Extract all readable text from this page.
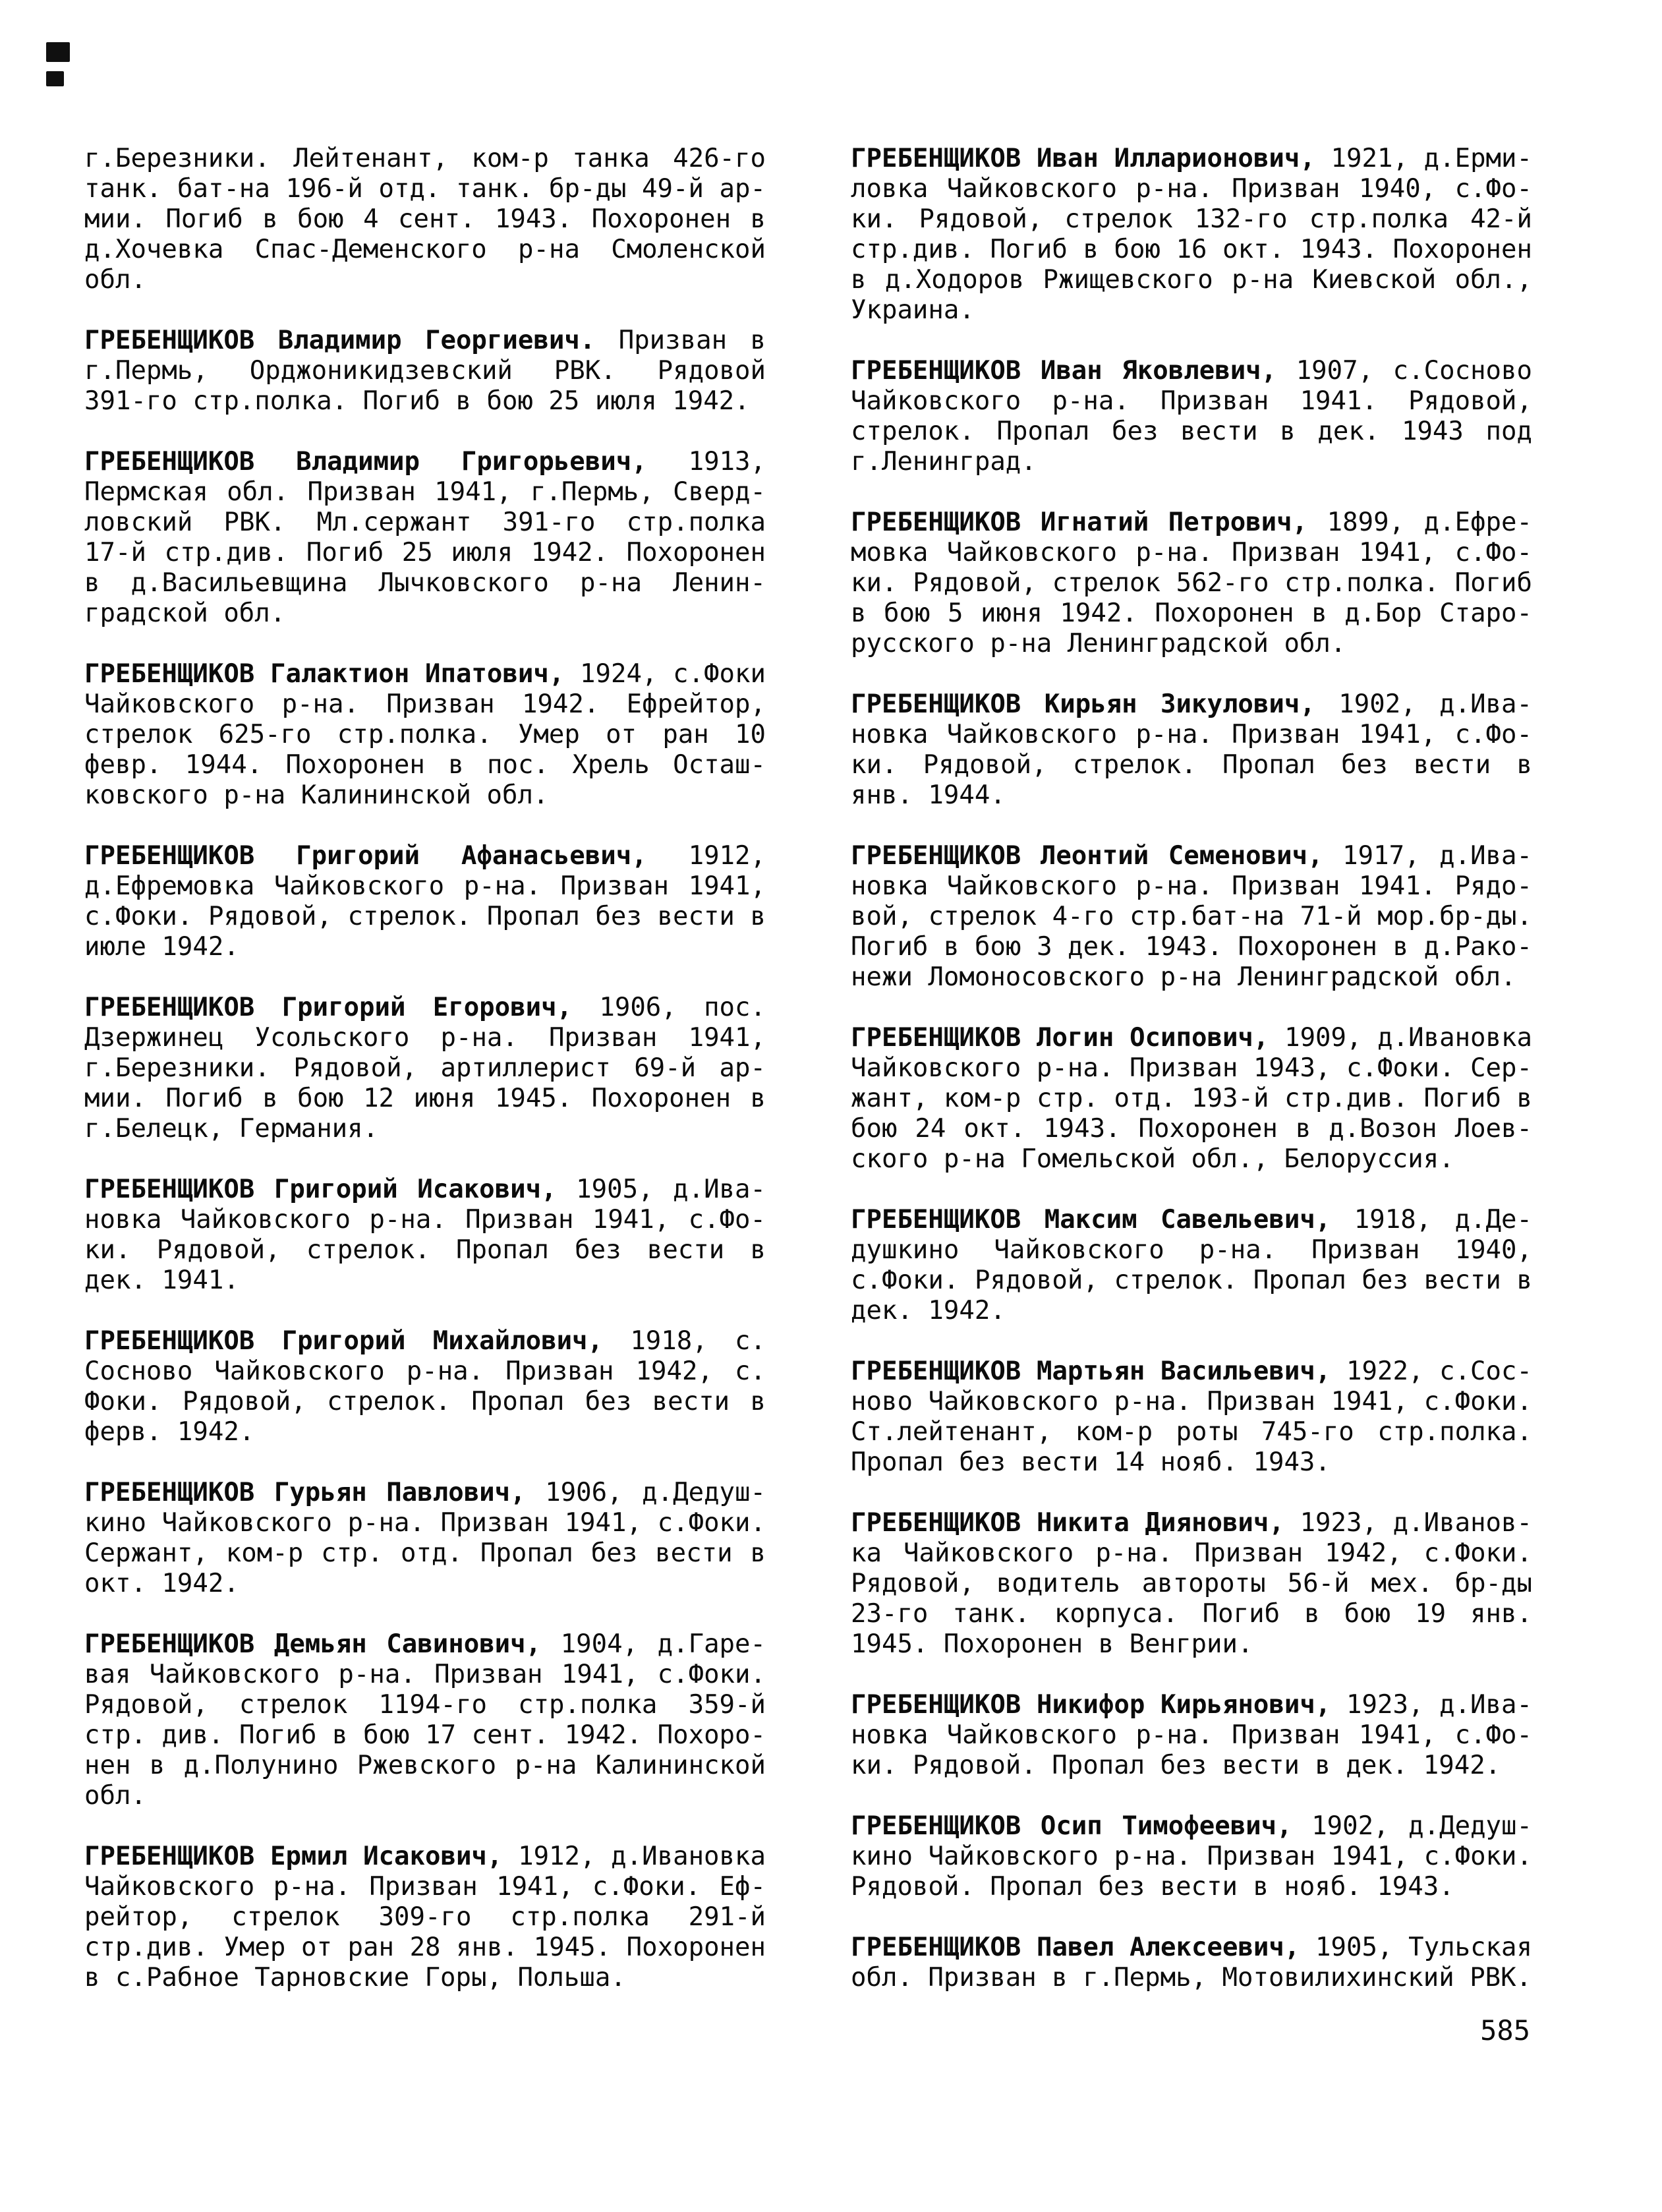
г.Березники. Лейтенант, ком-р танка 426-го
танк. бат-на 196-й отд. танк. бр-ды 49-й ар-
мии. Погиб в бою 4 сент. 1943. Похоронен в
д.Хочевка Спас-Деменского р-на Смоленской
обл.
ГРЕБЕНЩИКОВ Владимир Георгиевич. Призван в
г.Пермь, Орджоникидзевский РВК. Рядовой
391-го стр.полка. Погиб в бою 25 июля 1942.
ГРЕБЕНЩИКОВ Владимир Григорьевич, 1913,
Пермская обл. Призван 1941, г.Пермь, Сверд-
ловский РВК. Мл.сержант 391-го стр.полка
17-й стр.див. Погиб 25 июля 1942. Похоронен
в д.Васильевщина Лычковского р-на Ленин-
градской обл.
ГРЕБЕНЩИКОВ Галактион Ипатович, 1924, с.Фоки
Чайковского р-на. Призван 1942. Ефрейтор,
стрелок 625-го стр.полка. Умер от ран 10
февр. 1944. Похоронен в пос. Хрель Осташ-
ковского р-на Калининской обл.
ГРЕБЕНЩИКОВ Григорий Афанасьевич, 1912,
д.Ефремовка Чайковского р-на. Призван 1941,
с.Фоки. Рядовой, стрелок. Пропал без вести в
июле 1942.
ГРЕБЕНЩИКОВ Григорий Егорович, 1906, пос.
Дзержинец Усольского р-на. Призван 1941,
г.Березники. Рядовой, артиллерист 69-й ар-
мии. Погиб в бою 12 июня 1945. Похоронен в
г.Белецк, Германия.
ГРЕБЕНЩИКОВ Григорий Исакович, 1905, д.Ива-
новка Чайковского р-на. Призван 1941, с.Фо-
ки. Рядовой, стрелок. Пропал без вести в
дек. 1941.
ГРЕБЕНЩИКОВ Григорий Михайлович, 1918, с.
Сосново Чайковского р-на. Призван 1942, с.
Фоки. Рядовой, стрелок. Пропал без вести в
ферв. 1942.
ГРЕБЕНЩИКОВ Гурьян Павлович, 1906, д.Дедуш-
кино Чайковского р-на. Призван 1941, с.Фоки.
Сержант, ком-р стр. отд. Пропал без вести в
окт. 1942.
ГРЕБЕНЩИКОВ Демьян Савинович, 1904, д.Гаре-
вая Чайковского р-на. Призван 1941, с.Фоки.
Рядовой, стрелок 1194-го стр.полка 359-й
стр. див. Погиб в бою 17 сент. 1942. Похоро-
нен в д.Полунино Ржевского р-на Калининской
обл.
ГРЕБЕНЩИКОВ Ермил Исакович, 1912, д.Ивановка
Чайковского р-на. Призван 1941, с.Фоки. Еф-
рейтор, стрелок 309-го стр.полка 291-й
стр.див. Умер от ран 28 янв. 1945. Похоронен
в с.Рабное Тарновские Горы, Польша.
ГРЕБЕНЩИКОВ Иван Илларионович, 1921, д.Ерми-
ловка Чайковского р-на. Призван 1940, с.Фо-
ки. Рядовой, стрелок 132-го стр.полка 42-й
стр.див. Погиб в бою 16 окт. 1943. Похоронен
в д.Ходоров Ржищевского р-на Киевской обл.,
Украина.
ГРЕБЕНЩИКОВ Иван Яковлевич, 1907, с.Сосново
Чайковского р-на. Призван 1941. Рядовой,
стрелок. Пропал без вести в дек. 1943 под
г.Ленинград.
ГРЕБЕНЩИКОВ Игнатий Петрович, 1899, д.Ефре-
мовка Чайковского р-на. Призван 1941, с.Фо-
ки. Рядовой, стрелок 562-го стр.полка. Погиб
в бою 5 июня 1942. Похоронен в д.Бор Старо-
русского р-на Ленинградской обл.
ГРЕБЕНЩИКОВ Кирьян Зикулович, 1902, д.Ива-
новка Чайковского р-на. Призван 1941, с.Фо-
ки. Рядовой, стрелок. Пропал без вести в
янв. 1944.
ГРЕБЕНЩИКОВ Леонтий Семенович, 1917, д.Ива-
новка Чайковского р-на. Призван 1941. Рядо-
вой, стрелок 4-го стр.бат-на 71-й мор.бр-ды.
Погиб в бою 3 дек. 1943. Похоронен в д.Рако-
нежи Ломоносовского р-на Ленинградской обл.
ГРЕБЕНЩИКОВ Логин Осипович, 1909, д.Ивановка
Чайковского р-на. Призван 1943, с.Фоки. Сер-
жант, ком-р стр. отд. 193-й стр.див. Погиб в
бою 24 окт. 1943. Похоронен в д.Возон Лоев-
ского р-на Гомельской обл., Белоруссия.
ГРЕБЕНЩИКОВ Максим Савельевич, 1918, д.Де-
душкино Чайковского р-на. Призван 1940,
с.Фоки. Рядовой, стрелок. Пропал без вести в
дек. 1942.
ГРЕБЕНЩИКОВ Мартьян Васильевич, 1922, с.Сос-
ново Чайковского р-на. Призван 1941, с.Фоки.
Ст.лейтенант, ком-р роты 745-го стр.полка.
Пропал без вести 14 нояб. 1943.
ГРЕБЕНЩИКОВ Никита Диянович, 1923, д.Иванов-
ка Чайковского р-на. Призван 1942, с.Фоки.
Рядовой, водитель автороты 56-й мех. бр-ды
23-го танк. корпуса. Погиб в бою 19 янв.
1945. Похоронен в Венгрии.
ГРЕБЕНЩИКОВ Никифор Кирьянович, 1923, д.Ива-
новка Чайковского р-на. Призван 1941, с.Фо-
ки. Рядовой. Пропал без вести в дек. 1942.
ГРЕБЕНЩИКОВ Осип Тимофеевич, 1902, д.Дедуш-
кино Чайковского р-на. Призван 1941, с.Фоки.
Рядовой. Пропал без вести в нояб. 1943.
ГРЕБЕНЩИКОВ Павел Алексеевич, 1905, Тульская
обл. Призван в г.Пермь, Мотовилихинский РВК.
585
